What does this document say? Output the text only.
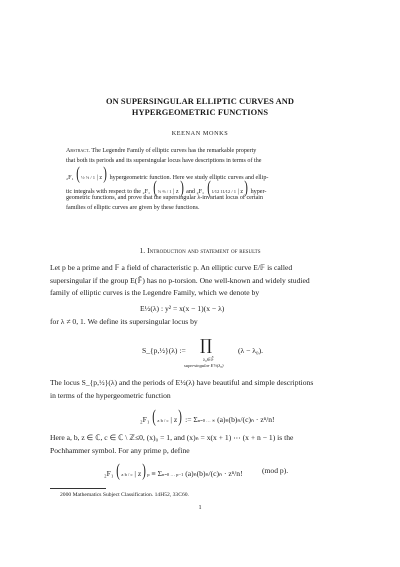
ON SUPERSINGULAR ELLIPTIC CURVES AND
HYPERGEOMETRIC FUNCTIONS
KEENAN MONKS
Abstract. The Legendre Family of elliptic curves has the remarkable property
that both its periods and its supersingular locus have descriptions in terms of the
₂F₁ (½ ½ / 1 | z) hypergeometric function. Here we study elliptic curves and ellip-
tic integrals with respect to the ₂F₁ (⅓ ⅔ / 1 | z) and ₂F₁ (1⁄12 11⁄12 / 1 | z) hyper-
geometric functions, and prove that the supersingular λ-invariant locus of certain
families of elliptic curves are given by these functions.
1. Introduction and statement of results
Let p be a prime and 𝔽 a field of characteristic p. An elliptic curve E/𝔽 is called
supersingular if the group E(𝔽̄) has no p-torsion. One well-known and widely studied
family of elliptic curves is the Legendre Family, which we denote by
E½(λ) : y² = x(x − 1)(x − λ)
for λ ≠ 0, 1. We define its supersingular locus by
S_{p,½}(λ) := ∏
λ₀∈𝔽̄
supersingular E½(λ₀)
(λ − λ₀).
The locus S_{p,½}(λ) and the periods of E½(λ) have beautiful and simple descriptions
in terms of the hypergeometric function
₂F₁ (a b / c | z) := Σn=0 … ∞ (a)ₙ(b)ₙ/(c)ₙ · zⁿ/n!
Here a, b, z ∈ ℂ, c ∈ ℂ \ ℤ≤0, (x)₀ = 1, and (x)ₙ = x(x + 1) ⋯ (x + n − 1) is the
Pochhammer symbol. For any prime p, define
₂F₁ (a b / c | z)p ≡ Σn=0 … p−1 (a)ₙ(b)ₙ/(c)ₙ · zⁿ/n!	(mod p).
2000 Mathematics Subject Classification. 14H52, 33C60.
1
